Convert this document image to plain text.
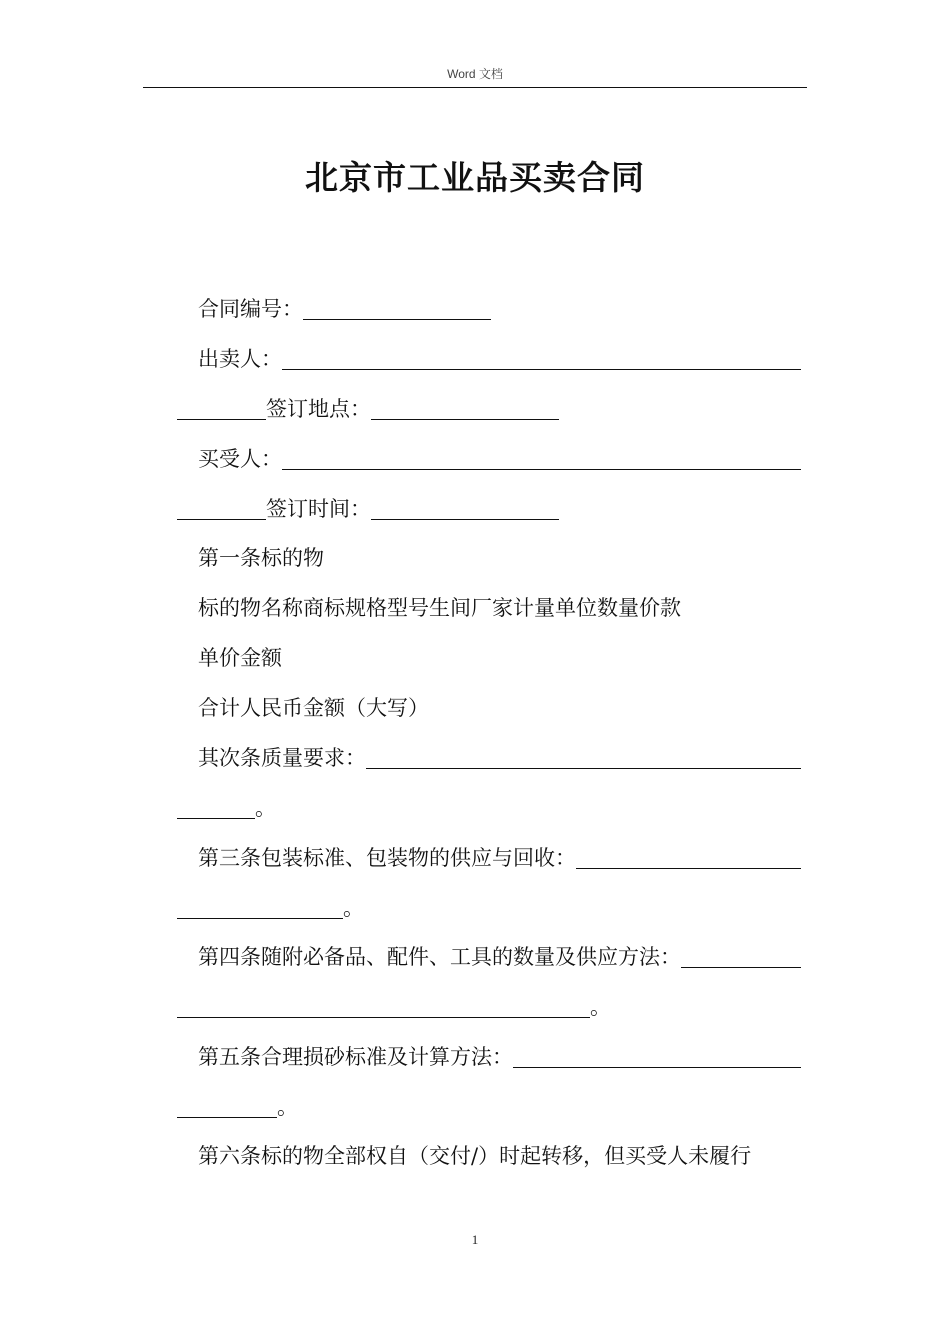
Word 文档
北京市工业品买卖合同
合同编号：
出卖人：
签订地点：
买受人：
签订时间：
第一条标的物
标的物名称商标规格型号生间厂家计量单位数量价款
单价金额
合计人民币金额（大写）
其次条质量要求：
。
第三条包装标准、包装物的供应与回收：
。
第四条随附必备品、配件、工具的数量及供应方法：
。
第五条合理损砂标准及计算方法：
。
第六条标的物全部权自（交付/）时起转移，但买受人未履行
1
